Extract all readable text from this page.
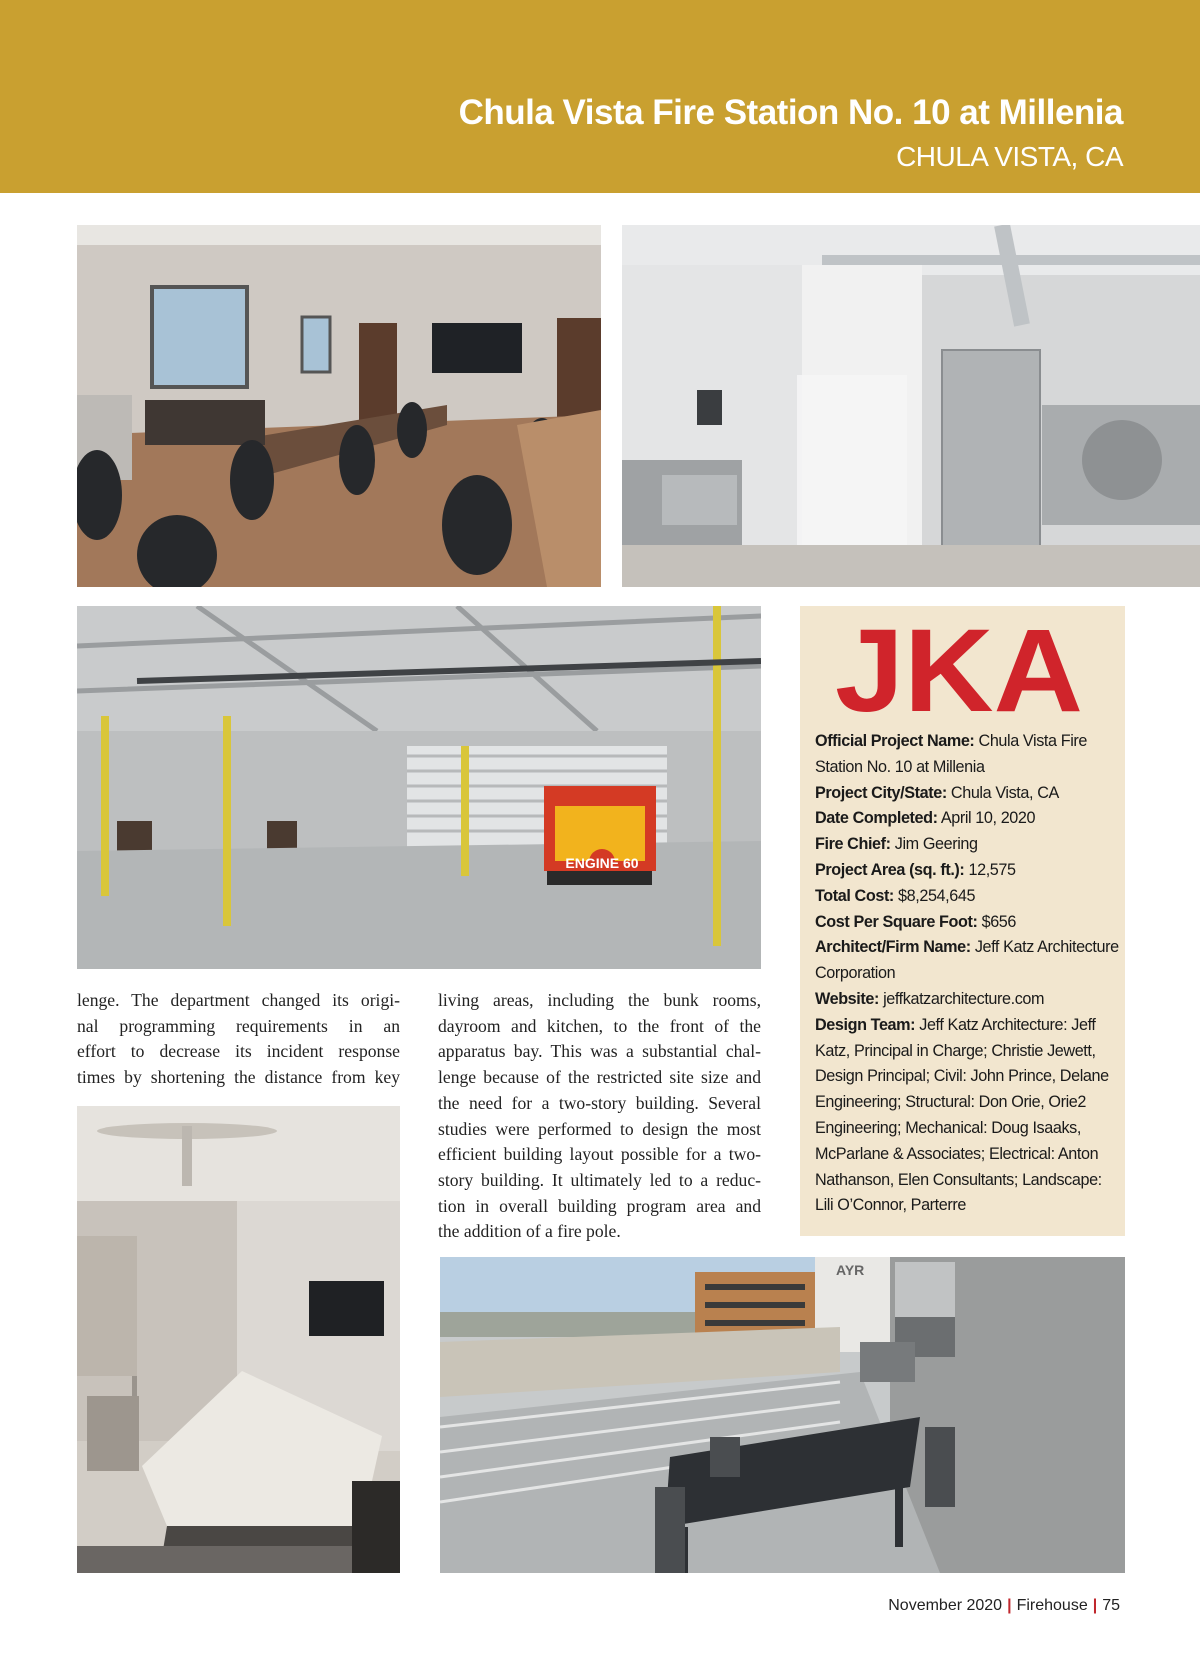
Chula Vista Fire Station No. 10 at Millenia
CHULA VISTA, CA
ENGINE 60
lenge. The department changed its origi-
nal programming requirements in an
effort to decrease its incident response
times by shortening the distance from key
living areas, including the bunk rooms,
dayroom and kitchen, to the front of the
apparatus bay. This was a substantial chal-
lenge because of the restricted site size and
the need for a two-story building. Several
studies were performed to design the most
efficient building layout possible for a two-
story building. It ultimately led to a reduc-
tion in overall building program area and
the addition of a fire pole.
JKA
Official Project Name: Chula Vista Fire Station No. 10 at Millenia
Project City/State: Chula Vista, CA
Date Completed: April 10, 2020
Fire Chief: Jim Geering
Project Area (sq. ft.): 12,575
Total Cost: $8,254,645
Cost Per Square Foot: $656
Architect/Firm Name: Jeff Katz Architecture Corporation
Website: jeffkatzarchitecture.com
Design Team: Jeff Katz Architecture: Jeff Katz, Principal in Charge; Christie Jewett, Design Principal; Civil: John Prince, Delane Engineering; Structural: Don Orie, Orie2 Engineering; Mechanical: Doug Isaaks, McParlane & Associates; Electrical: Anton Nathanson, Elen Consultants; Landscape: Lili O’Connor, Parterre
AYR
November 2020 | Firehouse | 75
